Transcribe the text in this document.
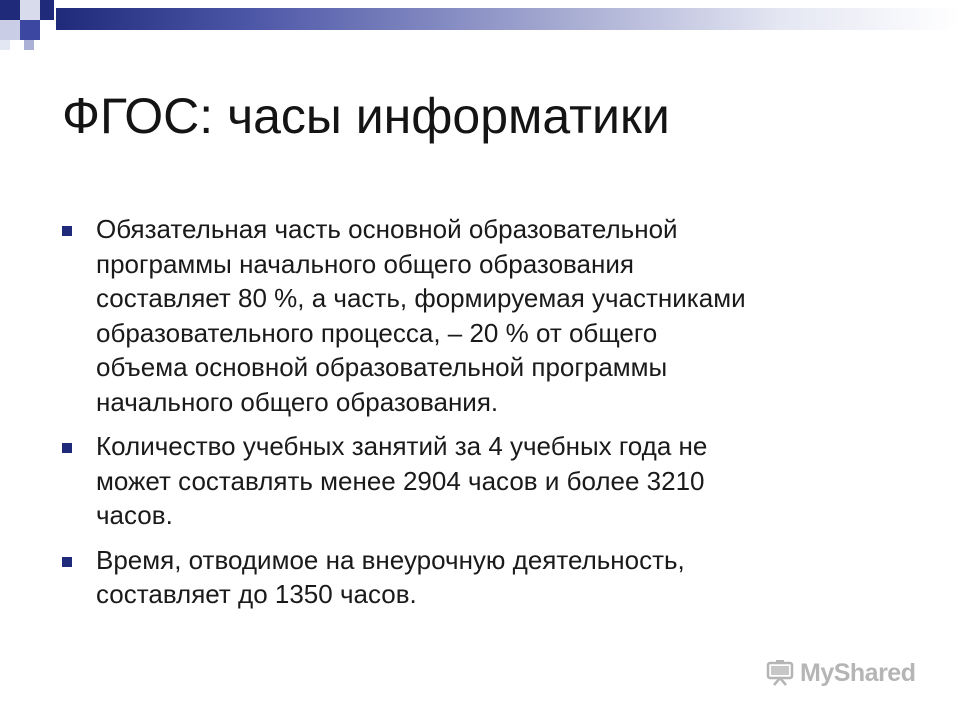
ФГОС: часы информатики
Обязательная часть основной образовательной
программы начального общего образования
составляет 80 %, а часть, формируемая участниками
образовательного процесса, – 20 % от общего
объема основной образовательной программы
начального общего образования.
Количество учебных занятий за 4 учебных года не
может составлять менее 2904 часов и более 3210
часов.
Время, отводимое на внеурочную деятельность,
составляет до 1350 часов.
MyShared
